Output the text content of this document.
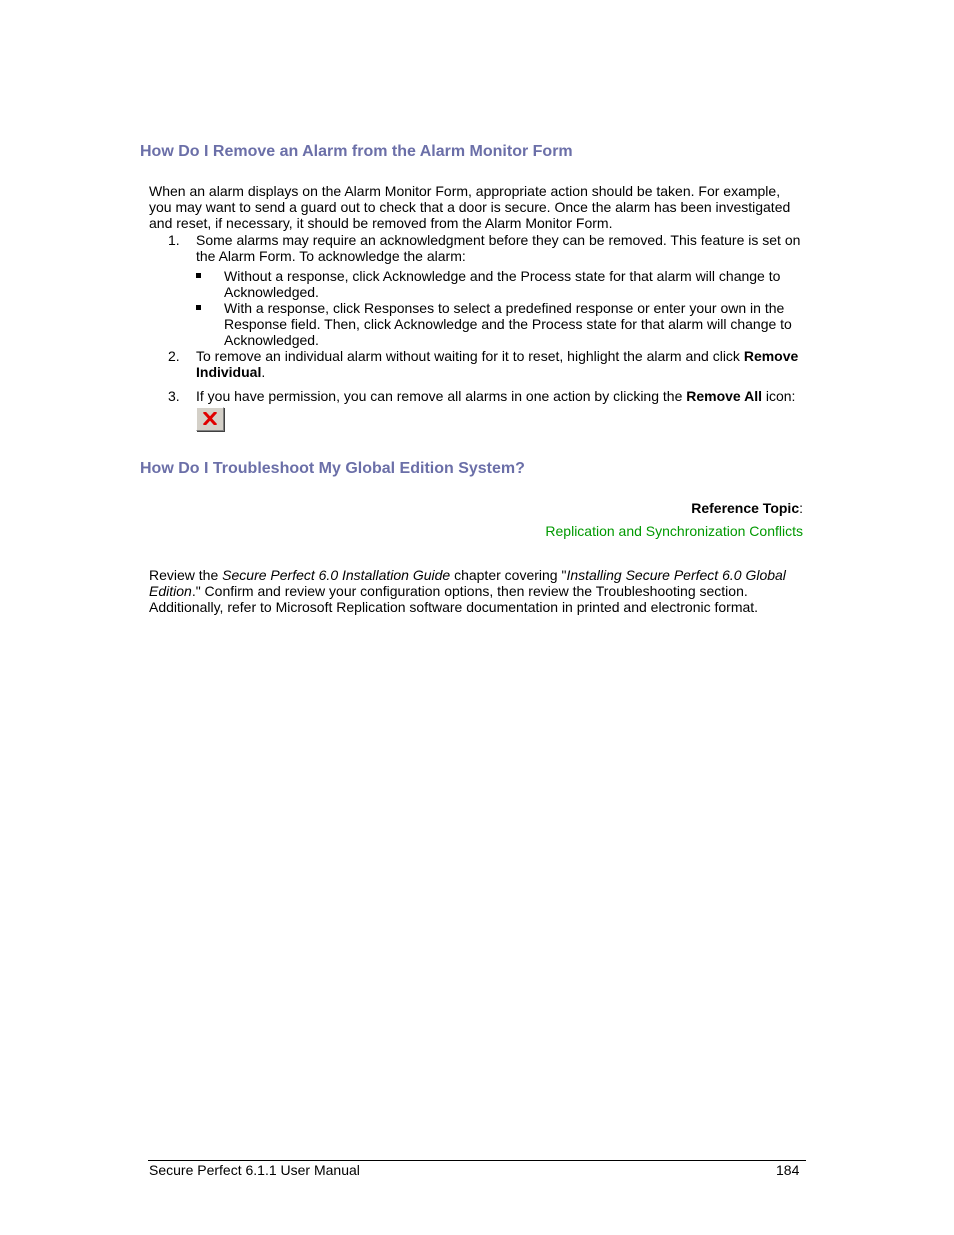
How Do I Remove an Alarm from the Alarm Monitor Form

When an alarm displays on the Alarm Monitor Form, appropriate action should be taken. For example, you may want to send a guard out to check that a door is secure. Once the alarm has been investigated and reset, if necessary, it should be removed from the Alarm Monitor Form.

1. Some alarms may require an acknowledgment before they can be removed. This feature is set on the Alarm Form. To acknowledge the alarm:
Without a response, click Acknowledge and the Process state for that alarm will change to Acknowledged.
With a response, click Responses to select a predefined response or enter your own in the Response field. Then, click Acknowledge and the Process state for that alarm will change to Acknowledged.
2. To remove an individual alarm without waiting for it to reset, highlight the alarm and click Remove Individual.
3. If you have permission, you can remove all alarms in one action by clicking the Remove All icon:
How Do I Troubleshoot My Global Edition System?
Reference Topic:
Replication and Synchronization Conflicts

Review the Secure Perfect 6.0 Installation Guide chapter covering "Installing Secure Perfect 6.0 Global Edition." Confirm and review your configuration options, then review the Troubleshooting section. Additionally, refer to Microsoft Replication software documentation in printed and electronic format.

Secure Perfect 6.1.1 User Manual	184
